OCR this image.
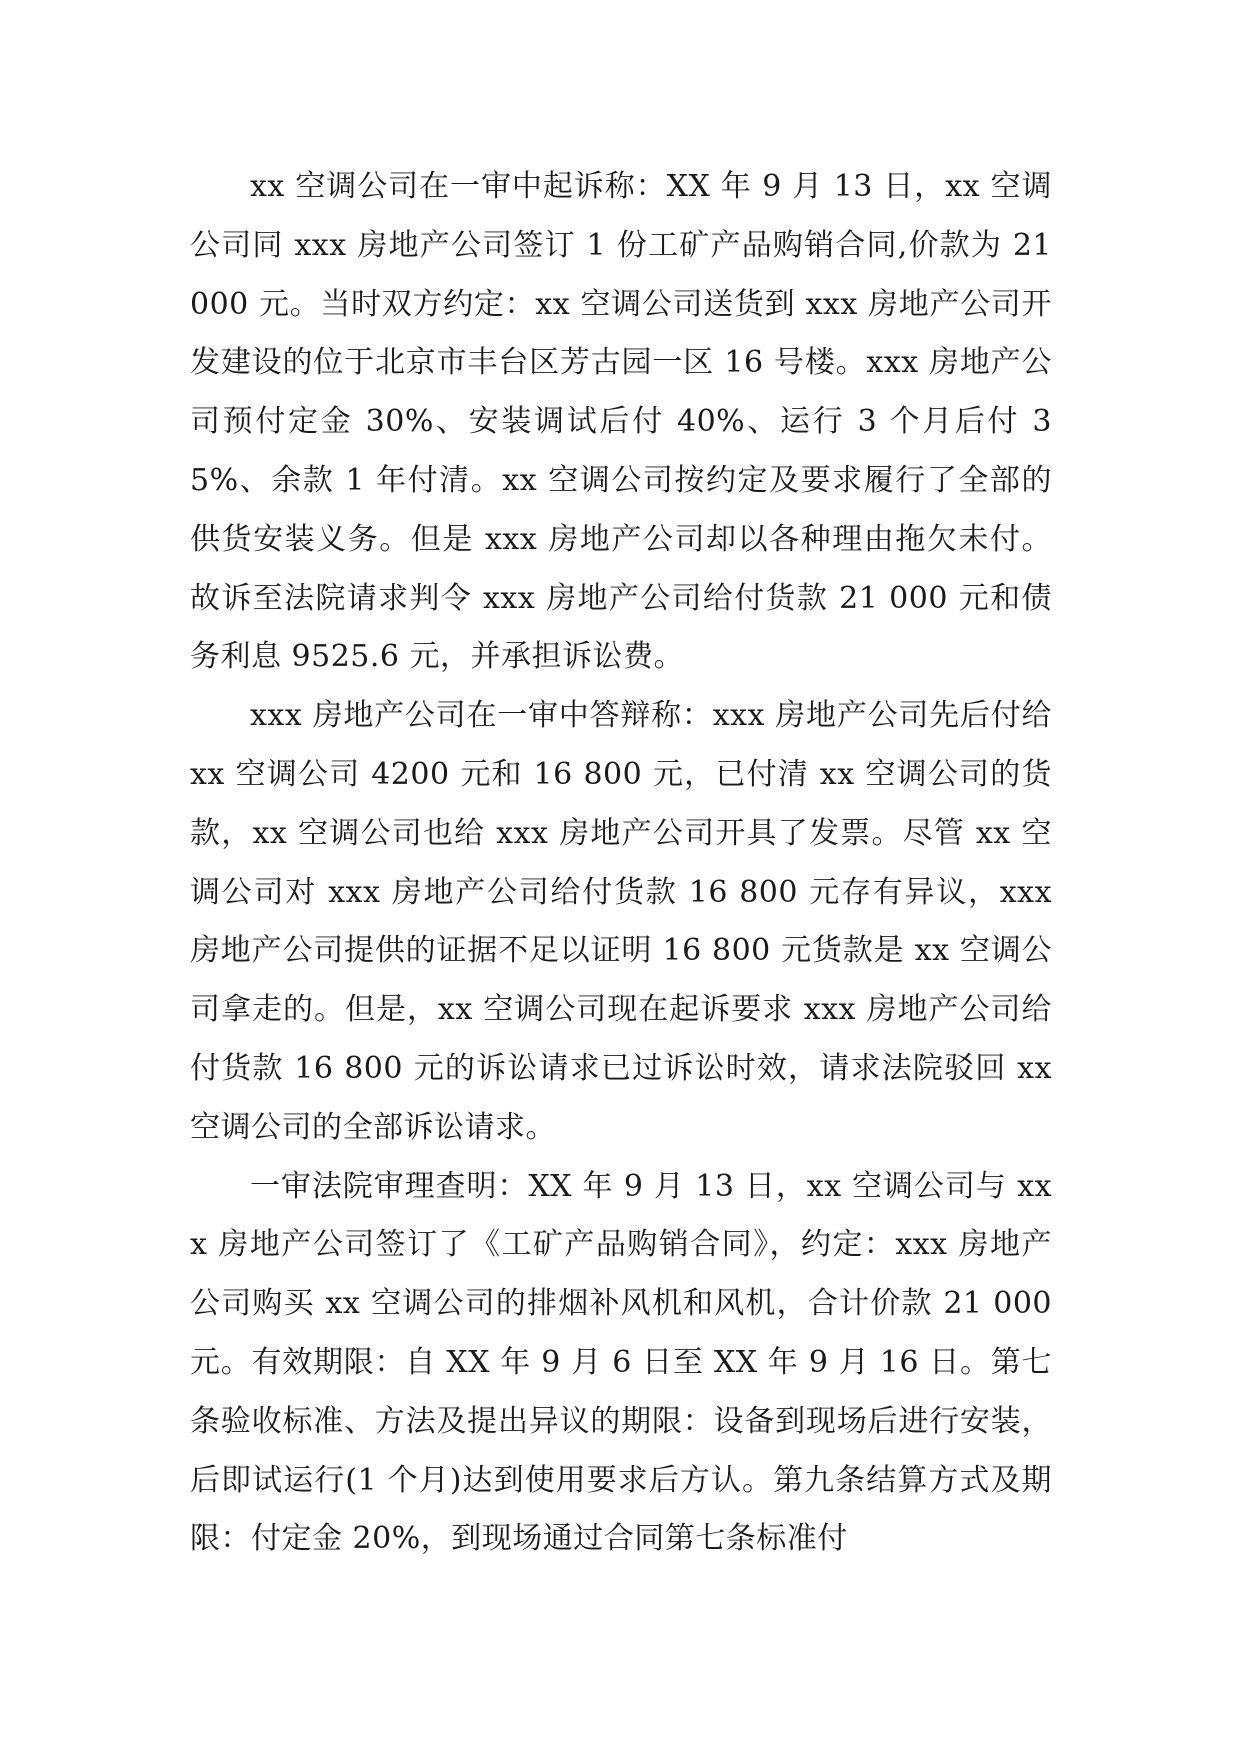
xx 空调公司在一审中起诉称：XX 年 9 月 13 日，xx 空调公司同 xxx 房地产公司签订 1 份工矿产品购销合同,价款为 21 000 元。当时双方约定：xx 空调公司送货到 xxx 房地产公司开发建设的位于北京市丰台区芳古园一区 16 号楼。xxx 房地产公司预付定金 30%、安装调试后付 40%、运行 3 个月后付 35%、余款 1 年付清。xx 空调公司按约定及要求履行了全部的供货安装义务。但是 xxx 房地产公司却以各种理由拖欠未付。故诉至法院请求判令 xxx 房地产公司给付货款 21 000 元和债务利息 9525.6 元，并承担诉讼费。

xxx 房地产公司在一审中答辩称：xxx 房地产公司先后付给 xx 空调公司 4200 元和 16 800 元，已付清 xx 空调公司的货款，xx 空调公司也给 xxx 房地产公司开具了发票。尽管 xx 空调公司对 xxx 房地产公司给付货款 16 800 元存有异议，xxx 房地产公司提供的证据不足以证明 16 800 元货款是 xx 空调公司拿走的。但是，xx 空调公司现在起诉要求 xxx 房地产公司给付货款 16 800 元的诉讼请求已过诉讼时效，请求法院驳回 xx 空调公司的全部诉讼请求。

一审法院审理查明：XX 年 9 月 13 日，xx 空调公司与 xxx 房地产公司签订了《工矿产品购销合同》，约定：xxx 房地产公司购买 xx 空调公司的排烟补风机和风机，合计价款 21 000 元。有效期限：自 XX 年 9 月 6 日至 XX 年 9 月 16 日。第七条验收标准、方法及提出异议的期限：设备到现场后进行安装，后即试运行(1 个月)达到使用要求后方认。第九条结算方式及期限：付定金 20%，到现场通过合同第七条标准付
